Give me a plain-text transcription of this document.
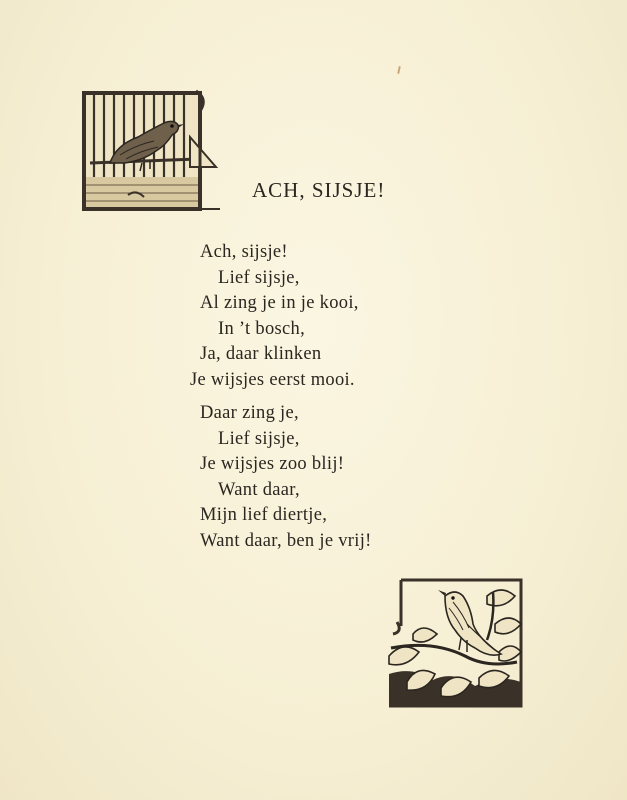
ACH, SIJSJE!
Ach, sijsje!
Lief sijsje,
Al zing je in je kooi,
In ’t bosch,
Ja, daar klinken
Je wijsjes eerst mooi.
Daar zing je,
Lief sijsje,
Je wijsjes zoo blij!
Want daar,
Mijn lief diertje,
Want daar, ben je vrij!
